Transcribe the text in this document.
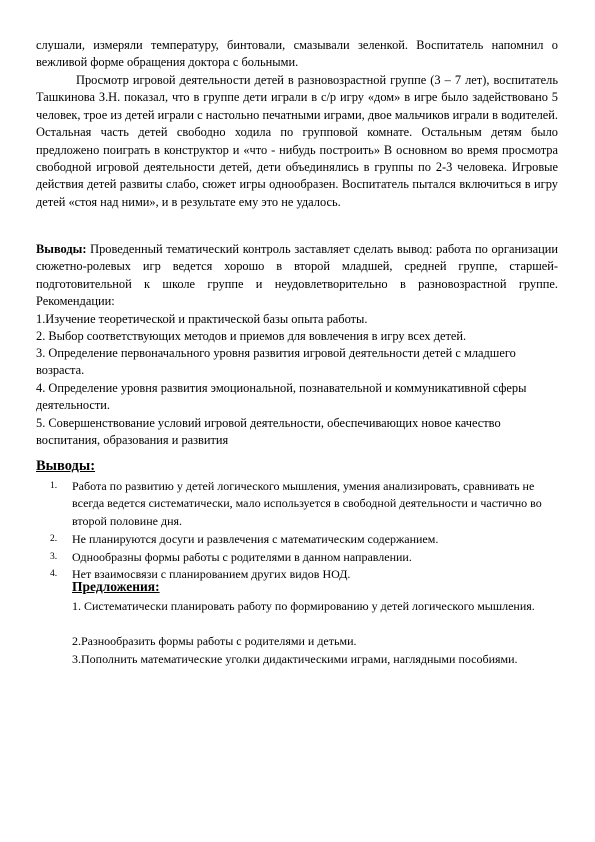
слушали, измеряли температуру, бинтовали, смазывали зеленкой. Воспитатель напомнил о вежливой форме обращения доктора с больными.

Просмотр игровой деятельности детей в разновозрастной группе (3 – 7 лет), воспитатель Ташкинова З.Н. показал, что в группе дети играли в с/р игру «дом» в игре было задействовано 5 человек, трое из детей играли с настольно печатными играми, двое мальчиков играли в водителей. Остальная часть детей свободно ходила по групповой комнате. Остальным детям было предложено поиграть в конструктор и «что - нибудь построить» В основном во время просмотра свободной игровой деятельности детей, дети объединялись в группы по 2-3 человека. Игровые действия детей развиты слабо, сюжет игры однообразен. Воспитатель пытался включиться в игру детей «стоя над ними», и в результате ему это не удалось.

Выводы: Проведенный тематический контроль заставляет сделать вывод: работа по организации сюжетно-ролевых игр ведется хорошо в второй младшей, средней группе, старшей-подготовительной к школе группе и неудовлетворительно в разновозрастной группе. Рекомендации:

1.Изучение теоретической и практической базы опыта работы.

2. Выбор соответствующих методов и приемов для вовлечения в игру всех детей.

3. Определение первоначального уровня развития игровой деятельности детей с младшего возраста.

4. Определение уровня развития эмоциональной, познавательной и коммуникативной сферы деятельности.

5. Совершенствование условий игровой деятельности, обеспечивающих новое качество воспитания, образования и развития

Выводы:
1. Работа по развитию у детей логического мышления, умения анализировать, сравнивать не всегда ведется систематически, мало используется в свободной деятельности и частично во второй половине дня.
2. Не планируются досуги и развлечения с математическим содержанием.
3. Однообразны формы работы с родителями в данном направлении.
4. Нет взаимосвязи с планированием других видов НОД.
Предложения:

1. Систематически планировать работу по формированию у детей логического мышления.

2.Разнообразить формы работы с родителями и детьми.

3.Пополнить математические уголки дидактическими играми, наглядными пособиями.
